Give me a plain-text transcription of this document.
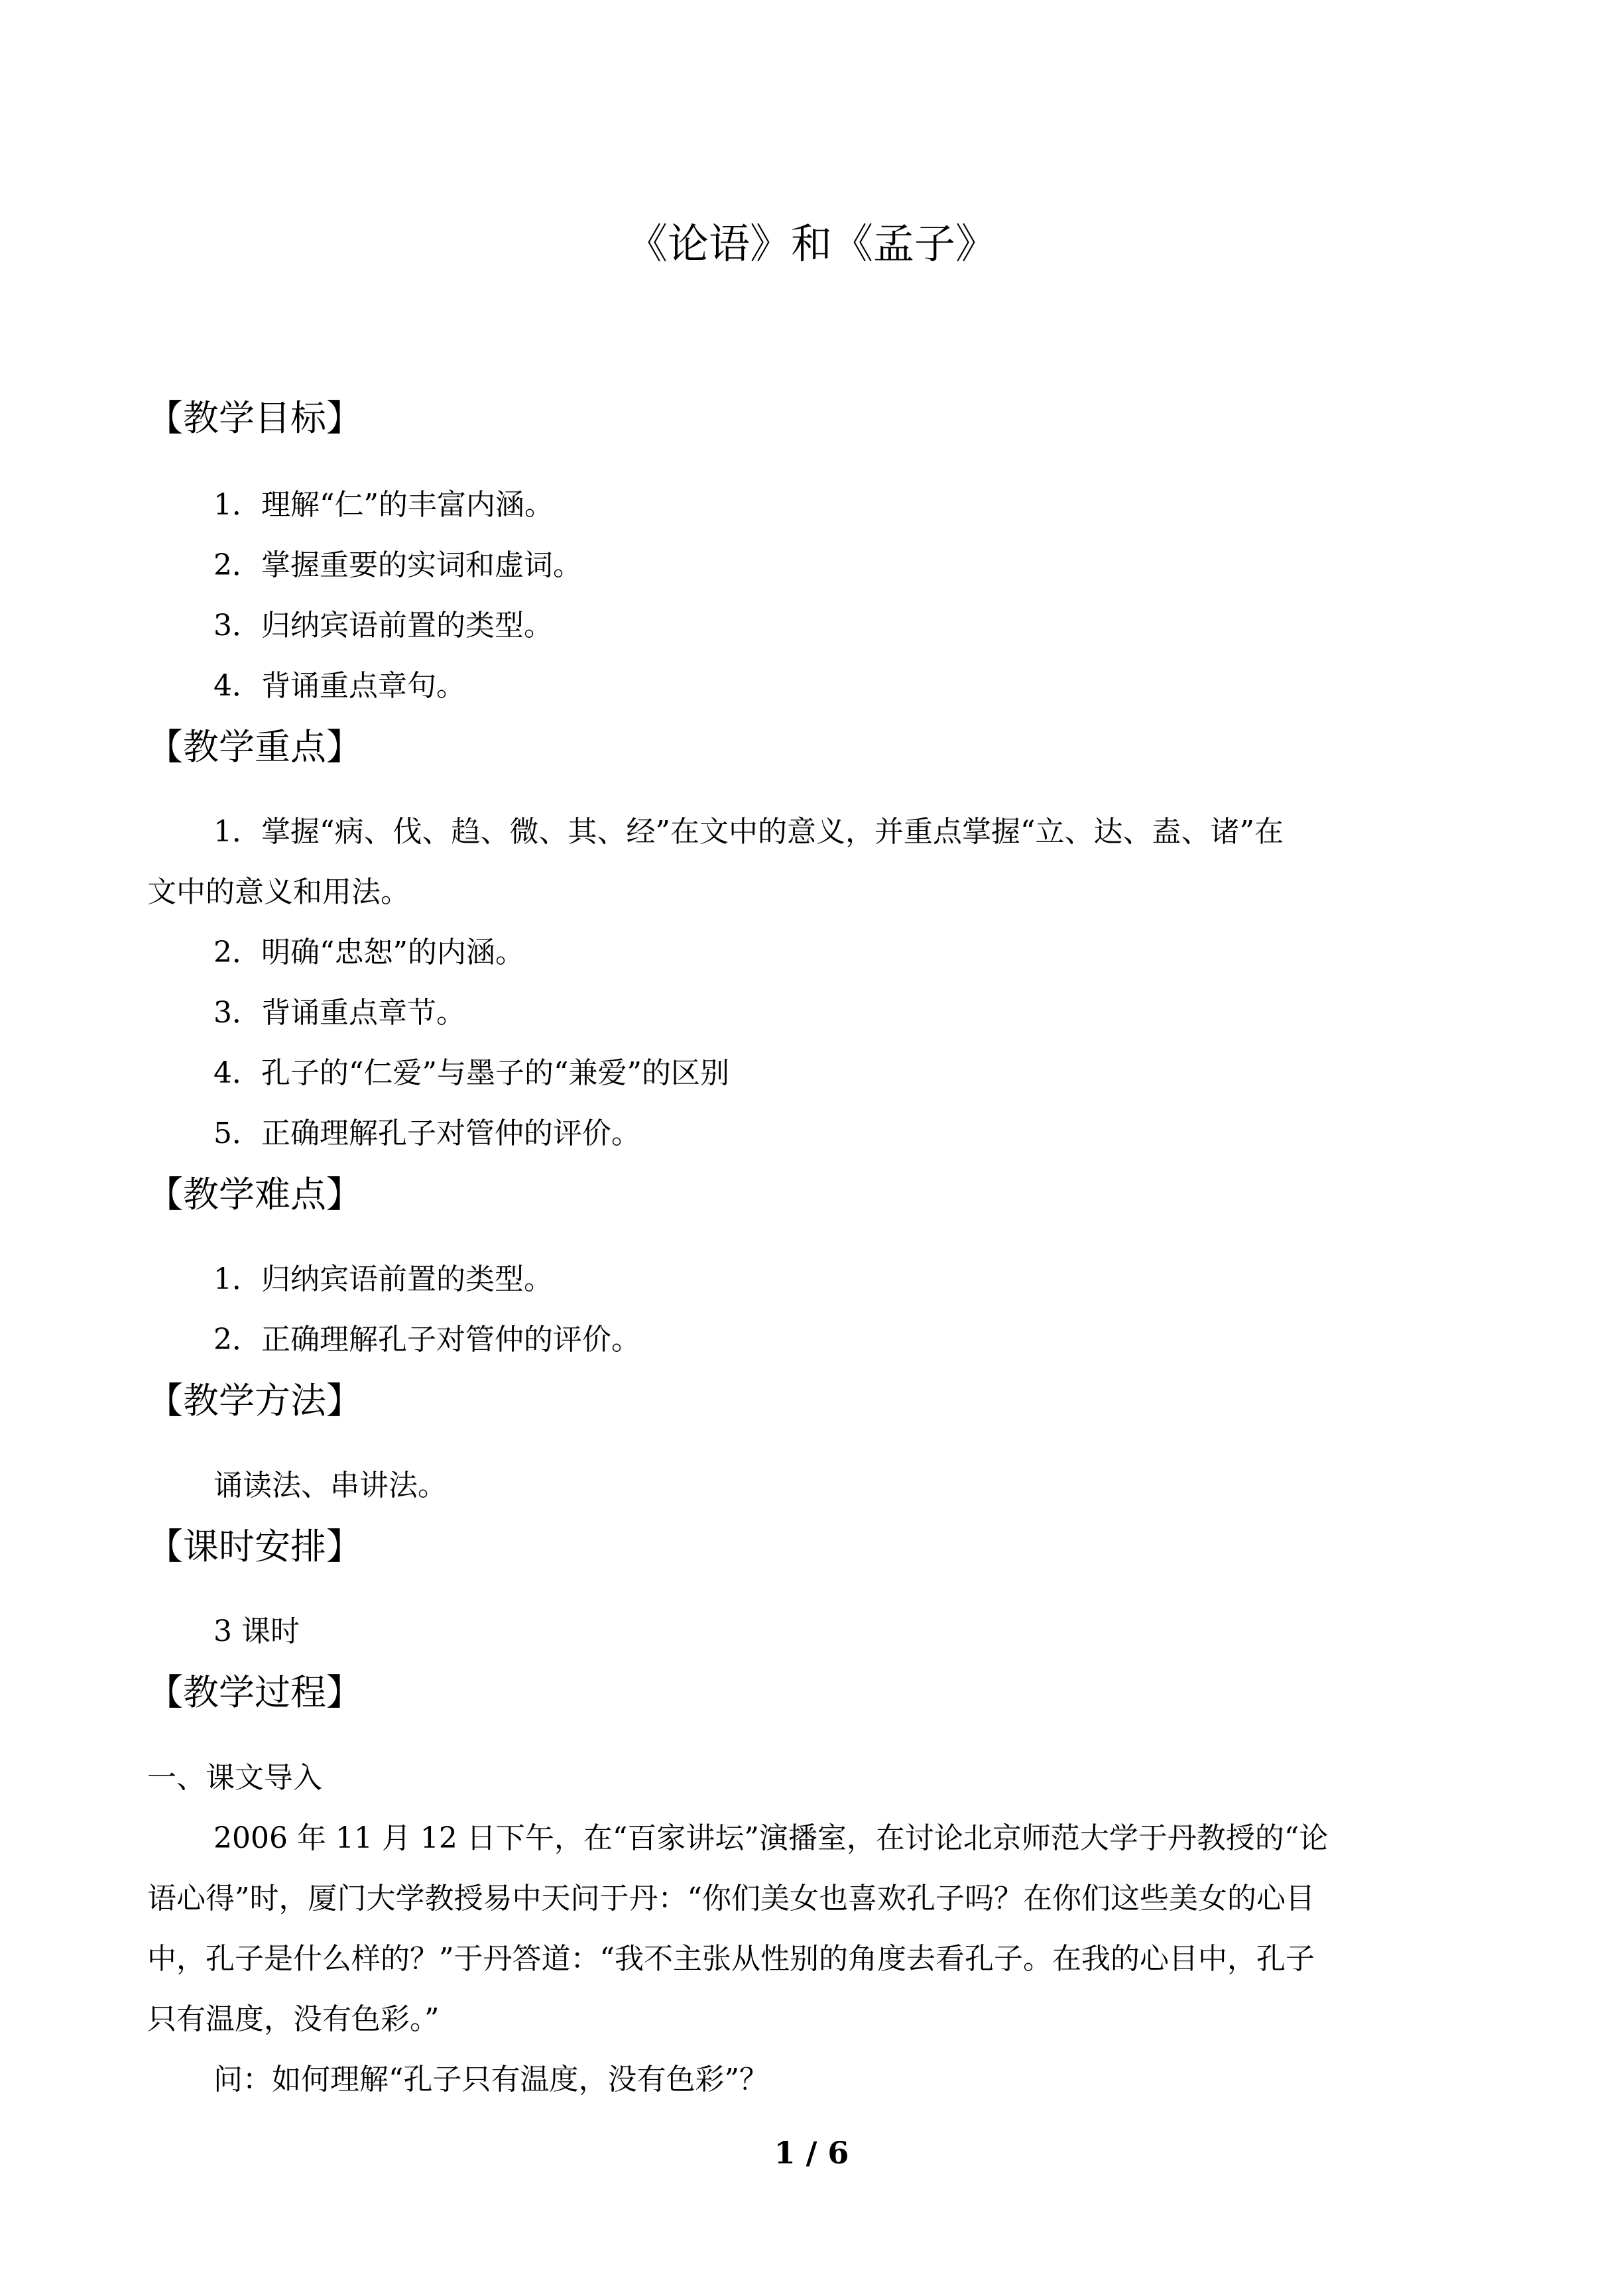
《论语》和《孟子》
【教学目标】
1．理解“仁”的丰富内涵。
2．掌握重要的实词和虚词。
3．归纳宾语前置的类型。
4．背诵重点章句。
【教学重点】
1．掌握“病、伐、趋、微、其、经”在文中的意义，并重点掌握“立、达、盍、诸”在
文中的意义和用法。
2．明确“忠恕”的内涵。
3．背诵重点章节。
4．孔子的“仁爱”与墨子的“兼爱”的区别
5．正确理解孔子对管仲的评价。
【教学难点】
1．归纳宾语前置的类型。
2．正确理解孔子对管仲的评价。
【教学方法】
诵读法、串讲法。
【课时安排】
3 课时
【教学过程】
一、课文导入
2006 年 11 月 12 日下午，在“百家讲坛”演播室，在讨论北京师范大学于丹教授的“论
语心得”时，厦门大学教授易中天问于丹：“你们美女也喜欢孔子吗？在你们这些美女的心目
中，孔子是什么样的？”于丹答道：“我不主张从性别的角度去看孔子。在我的心目中，孔子
只有温度，没有色彩。”
问：如何理解“孔子只有温度，没有色彩”？
1 / 6
